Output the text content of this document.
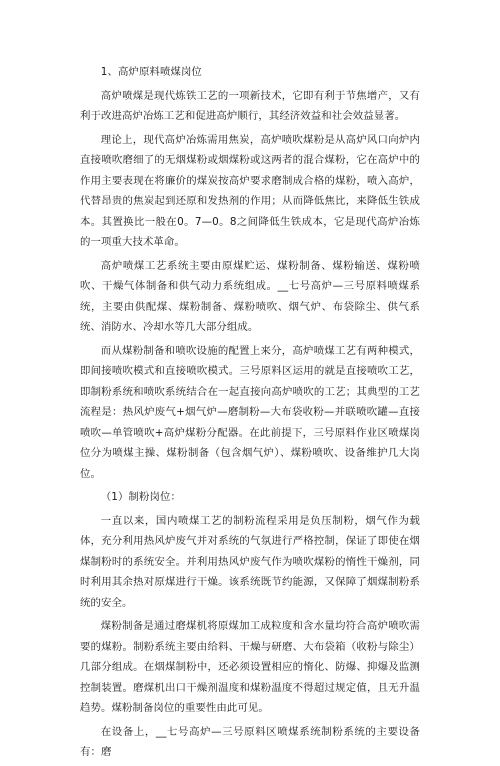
1、高炉原料喷煤岗位

高炉喷煤是现代炼铁工艺的一项新技术，它即有利于节焦增产，又有利于改进高炉冶炼工艺和促进高炉顺行，其经济效益和社会效益显著。

理论上，现代高炉冶炼需用焦炭，高炉喷吹煤粉是从高炉风口向炉内直接喷吹磨细了的无烟煤粉或烟煤粉或这两者的混合煤粉，它在高炉中的作用主要表现在将廉价的煤炭按高炉要求磨制成合格的煤粉，喷入高炉，代替昂贵的焦炭起到还原和发热剂的作用；从而降低焦比，来降低生铁成本。其置换比一般在0。7—0。8之间降低生铁成本，它是现代高炉冶炼的一项重大技术革命。

高炉喷煤工艺系统主要由原煤贮运、煤粉制备、煤粉输送、煤粉喷吹、干燥气体制备和供气动力系统组成。__七号高炉—三号原料喷煤系统，主要由供配煤、煤粉制备、煤粉喷吹、烟气炉、布袋除尘、供气系统、消防水、冷却水等几大部分组成。

而从煤粉制备和喷吹设施的配置上来分，高炉喷煤工艺有两种模式，即间接喷吹模式和直接喷吹模式。三号原料区运用的就是直接喷吹工艺，即制粉系统和喷吹系统结合在一起直接向高炉喷吹的工艺；其典型的工艺流程是：热风炉废气+烟气炉—磨制粉—大布袋收粉—并联喷吹罐—直接喷吹—单管喷吹+高炉煤粉分配器。在此前提下，三号原料作业区喷煤岗位分为喷煤主操、煤粉制备（包含烟气炉）、煤粉喷吹、设备维护几大岗位。

（1）制粉岗位：

一直以来，国内喷煤工艺的制粉流程采用是负压制粉，烟气作为载体，充分利用热风炉废气并对系统的气氛进行严格控制，保证了即使在烟煤制粉时的系统安全。并利用热风炉废气作为喷吹煤粉的惰性干燥剂，同时利用其余热对原煤进行干燥。该系统既节约能源，又保障了烟煤制粉系统的安全。

煤粉制备是通过磨煤机将原煤加工成粒度和含水量均符合高炉喷吹需要的煤粉。制粉系统主要由给料、干燥与研磨、大布袋箱（收粉与除尘）几部分组成。在烟煤制粉中，还必须设置相应的惰化、防爆、抑爆及监测控制装置。磨煤机出口干燥剂温度和煤粉温度不得超过规定值，且无升温趋势。煤粉制备岗位的重要性由此可见。

在设备上，__七号高炉—三号原料区喷煤系统制粉系统的主要设备有：磨
